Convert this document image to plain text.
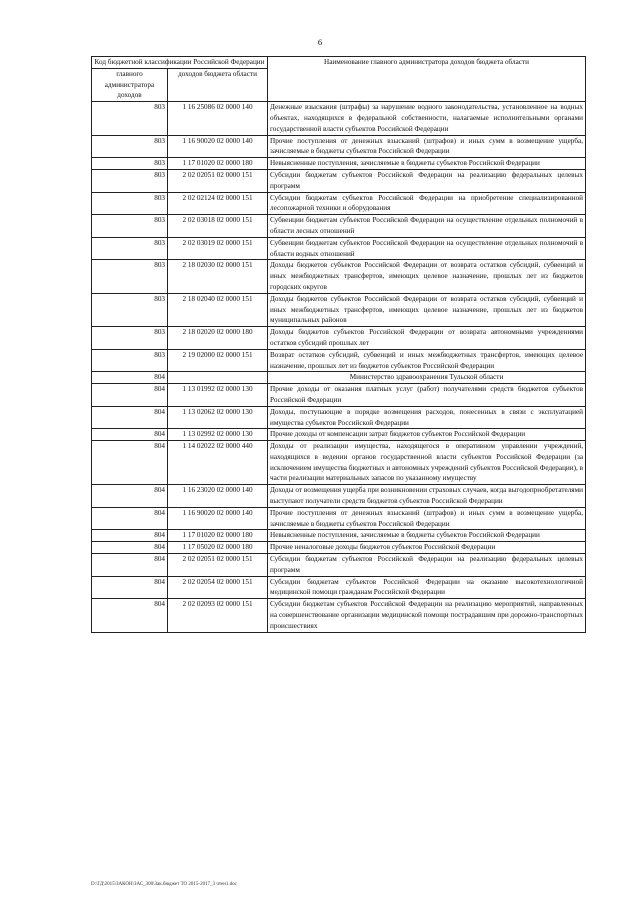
6
Код бюджетной классификации Российской Федерации		Наименование главного администратора доходов бюджета области
главного администратора доходов	доходов бюджета области	
803	1 16 25086 02 0000 140	Денежные взыскания (штрафы) за нарушение водного законодательства, установленное на водных объектах, находящихся в федеральной собственности, налагаемые исполнительными органами государственной власти субъектов Российской Федерации
803	1 16 90020 02 0000 140	Прочие поступления от денежных взысканий (штрафов) и иных сумм в возмещение ущерба, зачисляемые в бюджеты субъектов Российской Федерации
803	1 17 01020 02 0000 180	Невыясненные поступления, зачисляемые в бюджеты субъектов Российской Федерации
803	2 02 02051 02 0000 151	Субсидии бюджетам субъектов Российской Федерации на реализацию федеральных целевых программ
803	2 02 02124 02 0000 151	Субсидии бюджетам субъектов Российской Федерации на приобретение специализированной лесопожарной техники и оборудования
803	2 02 03018 02 0000 151	Субвенции бюджетам субъектов Российской Федерации на осуществление отдельных полномочий в области лесных отношений
803	2 02 03019 02 0000 151	Субвенции бюджетам субъектов Российской Федерации на осуществление отдельных полномочий в области водных отношений
803	2 18 02030 02 0000 151	Доходы бюджетов субъектов Российской Федерации от возврата остатков субсидий, субвенций и иных межбюджетных трансфертов, имеющих целевое назначение, прошлых лет из бюджетов городских округов
803	2 18 02040 02 0000 151	Доходы бюджетов субъектов Российской Федерации от возврата остатков субсидий, субвенций и иных межбюджетных трансфертов, имеющих целевое назначение, прошлых лет из бюджетов муниципальных районов
803	2 18 02020 02 0000 180	Доходы бюджетов субъектов Российской Федерации от возврата автономными учреждениями остатков субсидий прошлых лет
803	2 19 02000 02 0000 151	Возврат остатков субсидий, субвенций и иных межбюджетных трансфертов, имеющих целевое назначение, прошлых лет из бюджетов субъектов Российской Федерации
804		Министерство здравоохранения Тульской области
804	1 13 01992 02 0000 130	Прочие доходы от оказания платных услуг (работ) получателями средств бюджетов субъектов Российской Федерации
804	1 13 02062 02 0000 130	Доходы, поступающие в порядке возмещения расходов, понесенных в связи с эксплуатацией имущества субъектов Российской Федерации
804	1 13 02992 02 0000 130	Прочие доходы от компенсации затрат бюджетов субъектов Российской Федерации
804	1 14 02022 02 0000 440	Доходы от реализации имущества, находящегося в оперативном управлении учреждений, находящихся в ведении органов государственной власти субъектов Российской Федерации (за исключением имущества бюджетных и автономных учреждений субъектов Российской Федерации), в части реализации материальных запасов по указанному имуществу
804	1 16 23020 02 0000 140	Доходы от возмещения ущерба при возникновении страховых случаев, когда выгодоприобретателями выступают получатели средств бюджетов субъектов Российской Федерации
804	1 16 90020 02 0000 140	Прочие поступления от денежных взысканий (штрафов) и иных сумм в возмещение ущерба, зачисляемые в бюджеты субъектов Российской Федерации
804	1 17 01020 02 0000 180	Невыясненные поступления, зачисляемые в бюджеты субъектов Российской Федерации
804	1 17 05020 02 0000 180	Прочие неналоговые доходы бюджетов субъектов Российской Федерации
804	2 02 02051 02 0000 151	Субсидии бюджетам субъектов Российской Федерации на реализацию федеральных целевых программ
804	2 02 02054 02 0000 151	Субсидии бюджетам субъектов Российской Федерации на оказание высокотехнологичной медицинской помощи гражданам Российской Федерации
804	2 02 02093 02 0000 151	Субсидии бюджетам субъектов Российской Федерации на реализацию мероприятий, направленных на совершенствование организации медицинской помощи пострадавшим при дорожно-транспортных происшествиях
D:\ГД\2015\ЗАКОН\ЗАС_300\Зак.бюджет ТО 2015-2017_3 чтен1.doc
